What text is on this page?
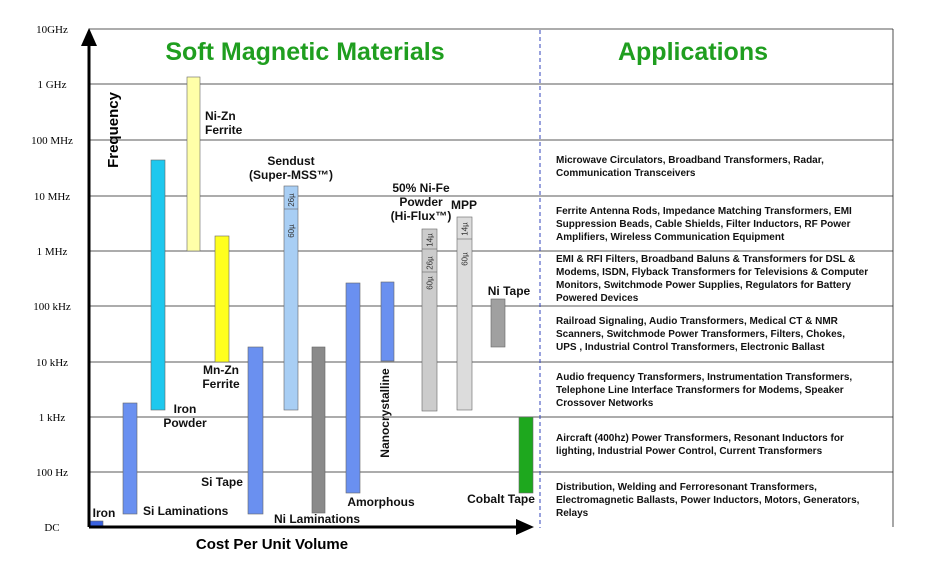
DC
100 Hz
1 kHz
10 kHz
100 kHz
1 MHz
10 MHz
100 MHz
1 GHz
10GHz
Soft Magnetic Materials	Applications
26µ
60µ
14µ
26µ
60µ
14µ
60µ
Iron Si Laminations
Iron
Powder
Ni-Zn
Ferrite
Mn-Zn
Ferrite
Si Tape
Sendust
(Super-MSS™)
Ni Laminations
Amorphous
Nanocrystalline
50% Ni-Fe
Powder
(Hi-Flux™)
MPP
Ni Tape
Cobalt Tape
Microwave Circulators, Broadband Transformers, Radar,
Communication Transceivers
Ferrite Antenna Rods, Impedance Matching Transformers, EMI
Suppression Beads, Cable Shields, Filter Inductors, RF Power
Amplifiers, Wireless Communication Equipment
EMI & RFI Filters, Broadband Baluns & Transformers for DSL &
Modems, ISDN, Flyback Transformers for Televisions & Computer
Monitors, Switchmode Power Supplies, Regulators for Battery
Powered Devices
Railroad Signaling, Audio Transformers, Medical CT & NMR
Scanners, Switchmode Power Transformers, Filters, Chokes,
UPS , Industrial Control Transformers, Electronic Ballast
Audio frequency Transformers, Instrumentation Transformers,
Telephone Line Interface Transformers for Modems, Speaker
Crossover Networks
Aircraft (400hz) Power Transformers, Resonant Inductors for
lighting, Industrial Power Control, Current Transformers
Distribution, Welding and Ferroresonant Transformers,
Electromagnetic Ballasts, Power Inductors, Motors, Generators,
Relays
Cost Per Unit Volume
Frequency
